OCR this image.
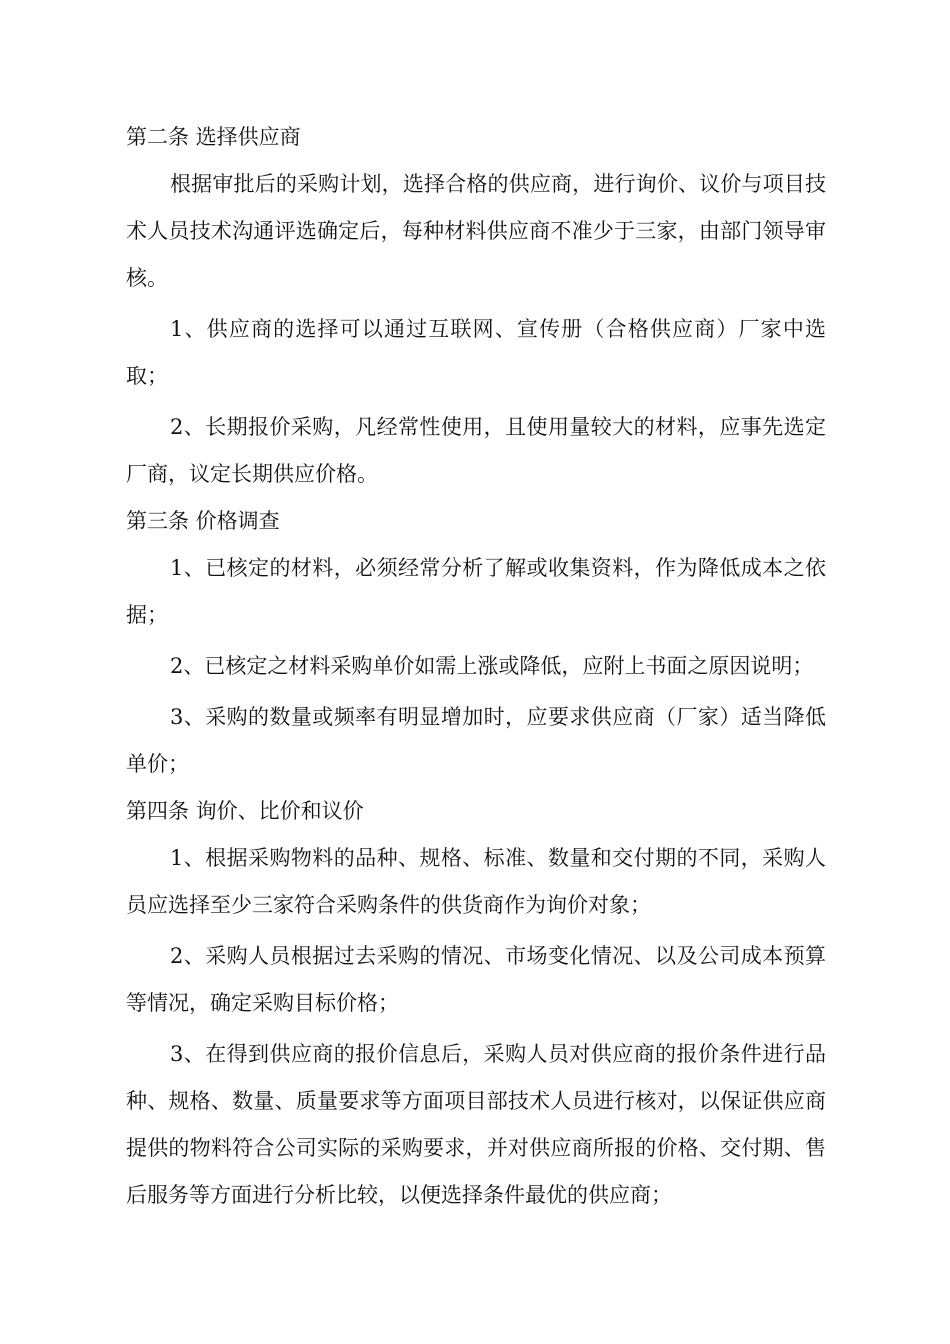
第二条 选择供应商

根据审批后的采购计划，选择合格的供应商，进行询价、议价与项目技术人员技术沟通评选确定后，每种材料供应商不准少于三家，由部门领导审核。

1、供应商的选择可以通过互联网、宣传册（合格供应商）厂家中选取；

2、长期报价采购，凡经常性使用，且使用量较大的材料，应事先选定厂商，议定长期供应价格。

第三条 价格调查

1、已核定的材料，必须经常分析了解或收集资料，作为降低成本之依据；

2、已核定之材料采购单价如需上涨或降低，应附上书面之原因说明；

3、采购的数量或频率有明显增加时，应要求供应商（厂家）适当降低单价；

第四条 询价、比价和议价

1、根据采购物料的品种、规格、标准、数量和交付期的不同，采购人员应选择至少三家符合采购条件的供货商作为询价对象；

2、采购人员根据过去采购的情况、市场变化情况、以及公司成本预算等情况，确定采购目标价格；

3、在得到供应商的报价信息后，采购人员对供应商的报价条件进行品种、规格、数量、质量要求等方面项目部技术人员进行核对，以保证供应商提供的物料符合公司实际的采购要求，并对供应商所报的价格、交付期、售后服务等方面进行分析比较，以便选择条件最优的供应商；
